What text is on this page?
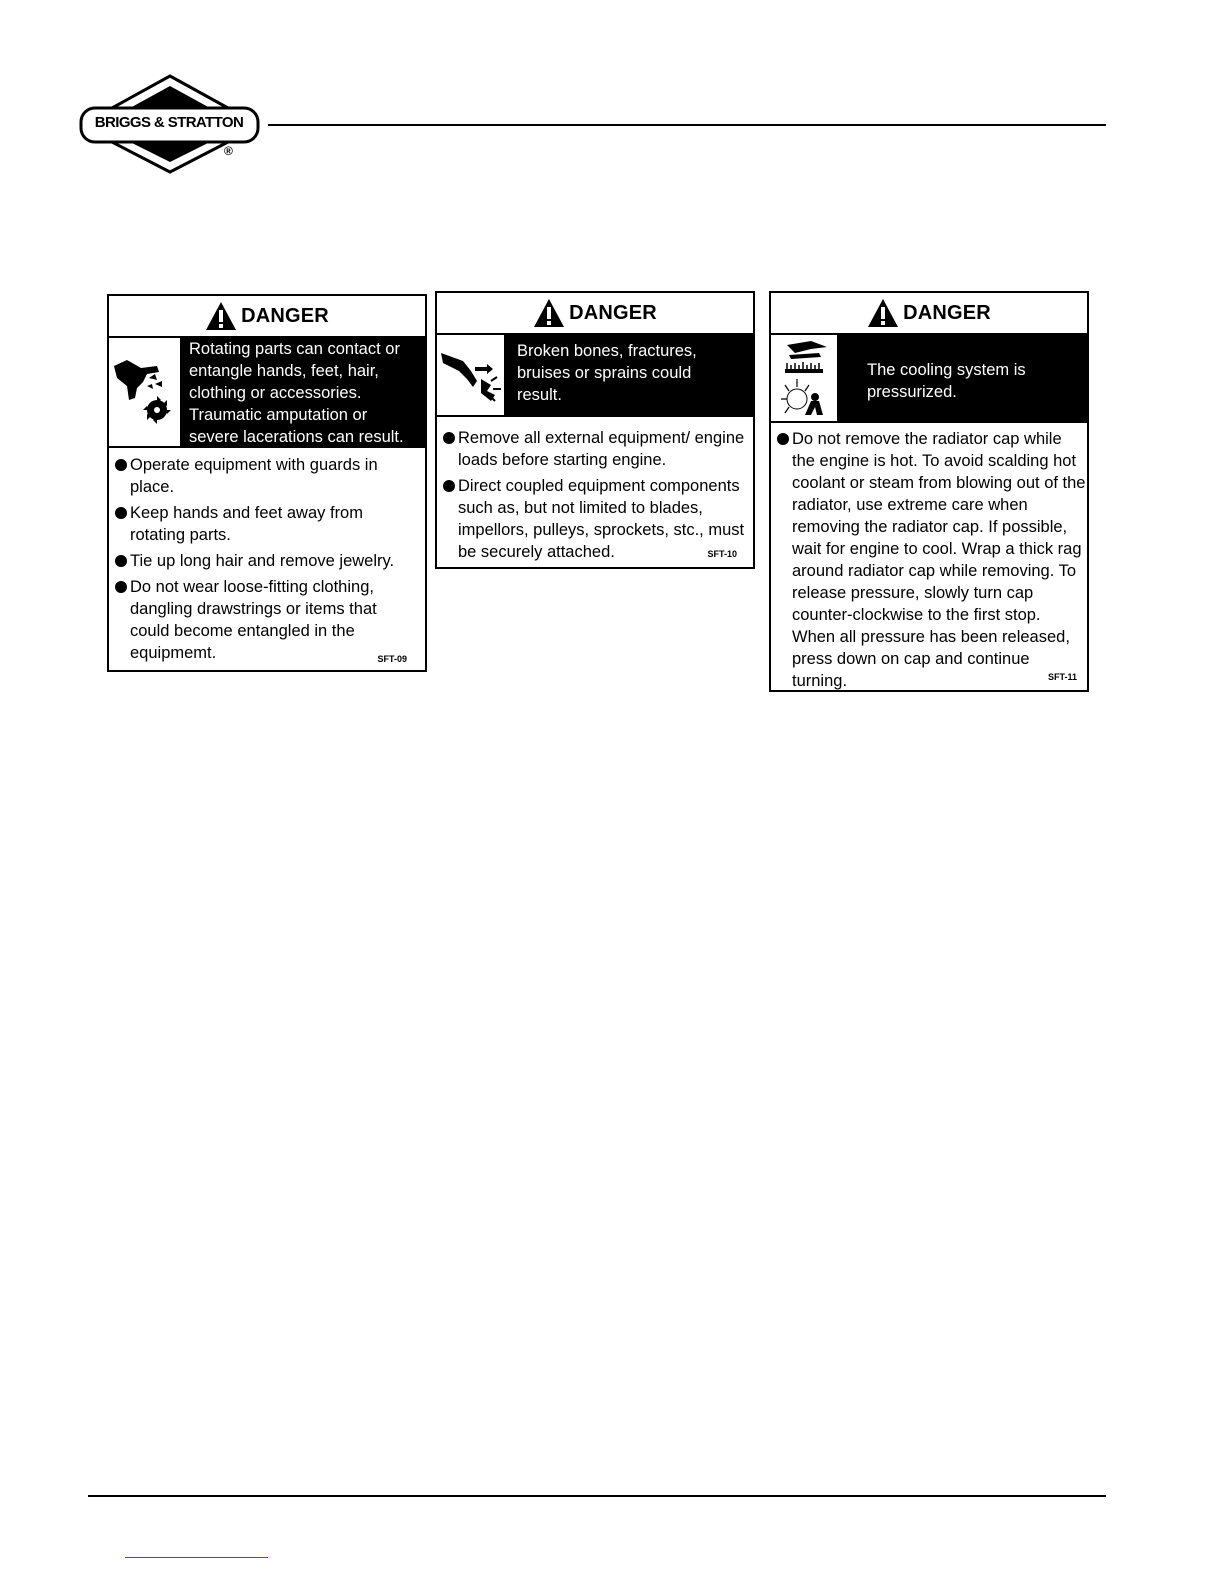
BRIGGS & STRATTON
®
DANGER
Rotating parts can contact or entangle hands, feet, hair, clothing or accessories. Traumatic amputation or severe lacerations can result.
Operate equipment with guards in place.
Keep hands and feet away from rotating parts.
Tie up long hair and remove jewelry.
Do not wear loose-fitting clothing, dangling drawstrings or items that could become entangled in the equipmemt.	SFT-09
DANGER
Broken bones, fractures, bruises or sprains could result.
Remove all external equipment/ engine loads before starting engine.
Direct coupled equipment components such as, but not limited to blades, impellors, pulleys, sprockets, stc., must be securely attached.	SFT-10
DANGER
The cooling system is pressurized.
Do not remove the radiator cap while the engine is hot. To avoid scalding hot coolant or steam from blowing out of the radiator, use extreme care when removing the radiator cap. If possible, wait for engine to cool. Wrap a thick rag around radiator cap while removing. To release pressure, slowly turn cap counter-clockwise to the first stop. When all pressure has been released, press down on cap and continue turning.	SFT-11
